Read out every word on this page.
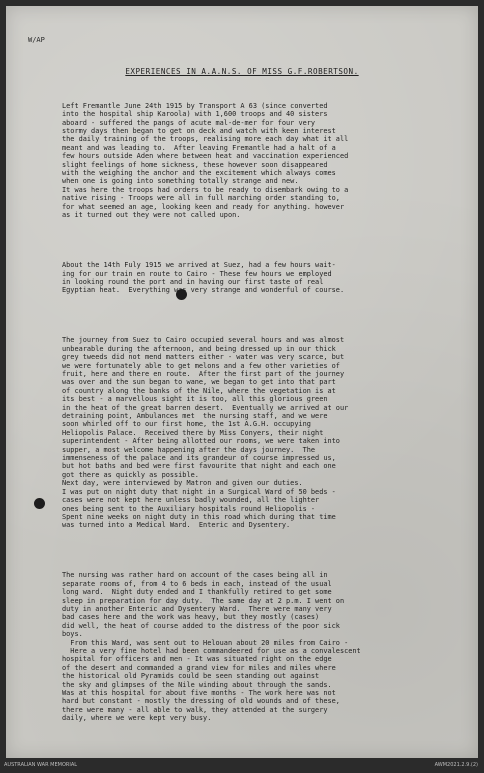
W/AP
EXPERIENCES IN A.A.N.S. OF MISS G.F.ROBERTSON.

Left Fremantle June 24th 1915 by Transport A 63 (since converted
into the hospital ship Karoola) with 1,600 troops and 40 sisters
aboard - suffered the pangs of acute mal-de-mer for four very
stormy days then began to get on deck and watch with keen interest
the daily training of the troops, realising more each day what it all
meant and was leading to.  After leaving Fremantle had a halt of a
few hours outside Aden where between heat and vaccination experienced
slight feelings of home sickness, these however soon disappeared
with the weighing the anchor and the excitement which always comes
when one is going into something totally strange and new.
It was here the troops had orders to be ready to disembark owing to a
native rising - Troops were all in full marching order standing to,
for what seemed an age, looking keen and ready for anything. however
as it turned out they were not called upon.

About the 14th Fuly 1915 we arrived at Suez, had a few hours wait-
ing for our train en route to Cairo - These few hours we employed
in looking round the port and in having our first taste of real
Egyptian heat.  Everything was very strange and wonderful of course.

The journey from Suez to Cairo occupied several hours and was almost
unbearable during the afternoon, and being dressed up in our thick
grey tweeds did not mend matters either - water was very scarce, but
we were fortunately able to get melons and a few other varieties of
fruit, here and there en route.  After the first part of the journey
was over and the sun began to wane, we began to get into that part
of country along the banks of the Nile, where the vegetation is at
its best - a marvellous sight it is too, all this glorious green
in the heat of the great barren desert.  Eventually we arrived at our
detraining point, Ambulances met  the nursing staff, and we were
soon whirled off to our first home, the 1st A.G.H. occupying
Heliopolis Palace.  Received there by Miss Conyers, their night
superintendent - After being allotted our rooms, we were taken into
supper, a most welcome happening after the days journey.  The
immenseness of the palace and its grandeur of course impressed us,
but hot baths and bed were first favourite that night and each one
got there as quickly as possible.
Next day, were interviewed by Matron and given our duties.
I was put on night duty that night in a Surgical Ward of 50 beds -
cases were not kept here unless badly wounded, all the lighter
ones being sent to the Auxiliary hospitals round Heliopolis -
Spent nine weeks on night duty in this road which during that time
was turned into a Medical Ward.  Enteric and Dysentery.

The nursing was rather hard on account of the cases being all in
separate rooms of, from 4 to 6 beds in each, instead of the usual
long ward.  Night duty ended and I thankfully retired to get some
sleep in preparation for day duty.  The same day at 2 p.m. I went on
duty in another Enteric and Dysentery Ward.  There were many very
bad cases here and the work was heavy, but they mostly (cases)
did well, the heat of course added to the distress of the poor sick
boys.
From this Ward, was sent out to Helouan about 20 miles from Cairo -
Here a very fine hotel had been commandeered for use as a convalescent
hospital for officers and men - It was situated right on the edge
of the desert and commanded a grand view for miles and miles where
the historical old Pyramids could be seen standing out against
the sky and glimpses of the Nile winding about through the sands.
Was at this hospital for about five months - The work here was not
hard but constant - mostly the dressing of old wounds and of these,
there were many - all able to walk, they attended at the surgery
daily, where we were kept very busy.

AUSTRALIAN WAR MEMORIAL	AWM2021.2.9.(2)
